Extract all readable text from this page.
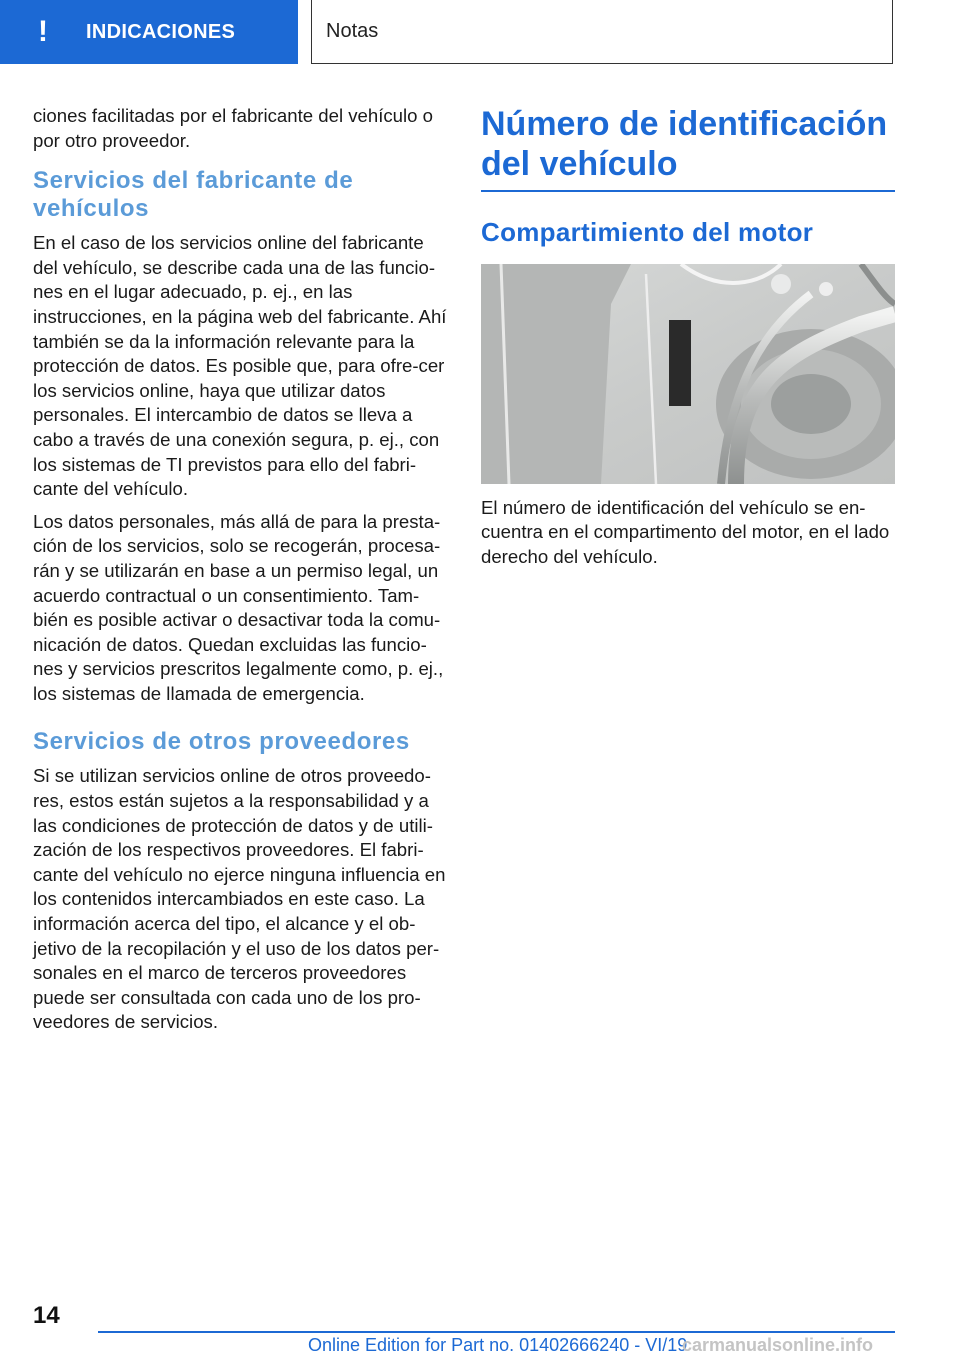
!	INDICACIONES	Notas

ciones facilitadas por el fabricante del vehículo o por otro proveedor.

Servicios del fabricante de vehículos

En el caso de los servicios online del fabricante del vehículo, se describe cada una de las funcio-nes en el lugar adecuado, p. ej., en las instrucciones, en la página web del fabricante. Ahí también se da la información relevante para la protección de datos. Es posible que, para ofre-cer los servicios online, haya que utilizar datos personales. El intercambio de datos se lleva a cabo a través de una conexión segura, p. ej., con los sistemas de TI previstos para ello del fabri-cante del vehículo.

Los datos personales, más allá de para la presta-ción de los servicios, solo se recogerán, procesa-rán y se utilizarán en base a un permiso legal, un acuerdo contractual o un consentimiento. Tam-bién es posible activar o desactivar toda la comu-nicación de datos. Quedan excluidas las funcio-nes y servicios prescritos legalmente como, p. ej., los sistemas de llamada de emergencia.

Servicios de otros proveedores

Si se utilizan servicios online de otros proveedo-res, estos están sujetos a la responsabilidad y a las condiciones de protección de datos y de utili-zación de los respectivos proveedores. El fabri-cante del vehículo no ejerce ninguna influencia en los contenidos intercambiados en este caso. La información acerca del tipo, el alcance y el ob-jetivo de la recopilación y el uso de los datos per-sonales en el marco de terceros proveedores puede ser consultada con cada uno de los pro-veedores de servicios.

Número de identificación del vehículo
Compartimiento del motor

El número de identificación del vehículo se en-cuentra en el compartimento del motor, en el lado derecho del vehículo.

14
Online Edition for Part no. 01402666240 - VI/19
carmanualsonline.info
